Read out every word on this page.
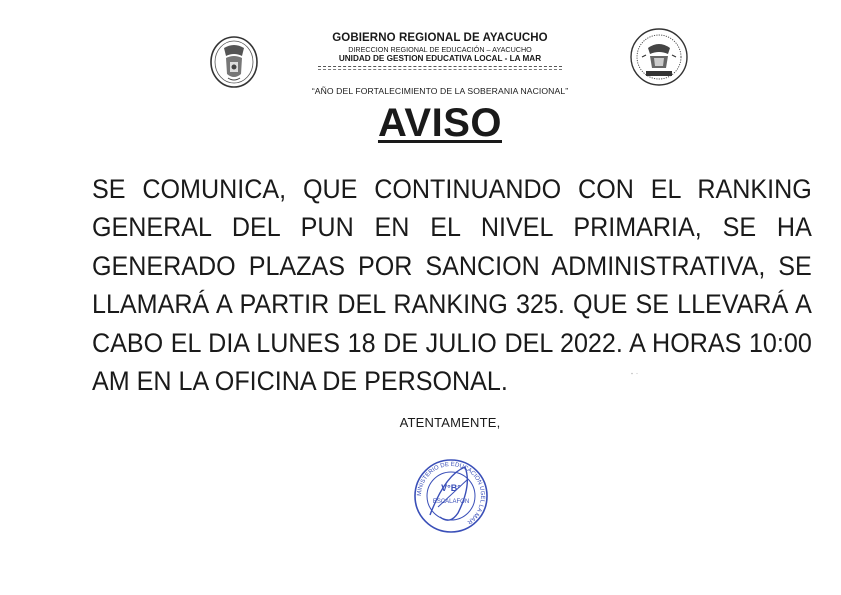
GOBIERNO REGIONAL DE AYACUCHO
DIRECCION REGIONAL DE EDUCACIÓN – AYACUCHO
UNIDAD DE GESTION EDUCATIVA LOCAL - LA MAR
“AÑO DEL FORTALECIMIENTO DE LA SOBERANIA NACIONAL”
AVISO
SE COMUNICA, QUE CONTINUANDO CON EL RANKING GENERAL DEL PUN EN EL NIVEL PRIMARIA, SE HA GENERADO PLAZAS POR SANCION ADMINISTRATIVA, SE LLAMARÁ A PARTIR DEL RANKING 325. QUE SE LLEVARÁ A CABO EL DIA LUNES 18 DE JULIO DEL 2022. A HORAS 10:00 AM EN LA OFICINA DE PERSONAL.
ATENTAMENTE,
MINISTERIO DE EDUCACION UGEL LA MAR
V°B°
ESCALAFON
